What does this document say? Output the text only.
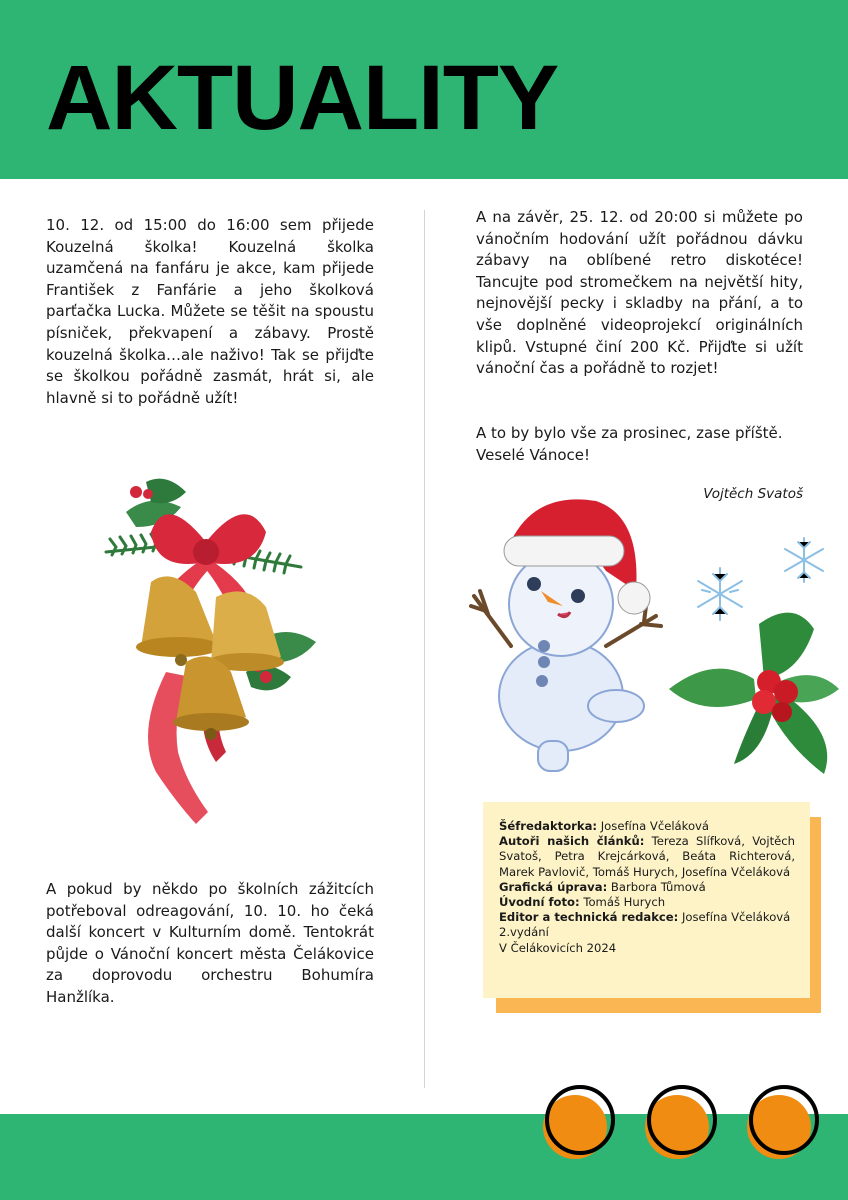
AKTUALITY

10. 12. od 15:00 do 16:00 sem přijede Kouzelná školka! Kouzelná školka uzamčená na fanfáru je akce, kam přijede František z Fanfárie a jeho školková parťačka Lucka. Můžete se těšit na spoustu písniček, překvapení a zábavy. Prostě kouzelná školka…ale naživo! Tak se přijďte se školkou pořádně zasmát, hrát si, ale hlavně si to pořádně užít!

A na závěr, 25. 12. od 20:00 si můžete po vánočním hodování užít pořádnou dávku zábavy na oblíbené retro diskotéce! Tancujte pod stromečkem na největší hity, nejnovější pecky i skladby na přání, a to vše doplněné videoprojekcí originálních klipů. Vstupné činí 200 Kč. Přijďte si užít vánoční čas a pořádně to rozjet!

A to by bylo vše za prosinec, zase příště. Veselé Vánoce!

Vojtěch Svatoš

Šéfredaktorka: Josefína Včeláková

Autoři našich článků: Tereza Slífková, Vojtěch Svatoš, Petra Krejcárková, Beáta Richterová, Marek Pavlovič, Tomáš Hurych, Josefína Včeláková

Grafická úprava: Barbora Tůmová

Úvodní foto: Tomáš Hurych

Editor a technická redakce: Josefína Včeláková

2.vydání

V Čelákovicích 2024

A pokud by někdo po školních zážitcích potřeboval odreagování, 10. 10. ho čeká další koncert v Kulturním domě. Tentokrát půjde o Vánoční koncert města Čelákovice za doprovodu orchestru Bohumíra Hanžlíka.
